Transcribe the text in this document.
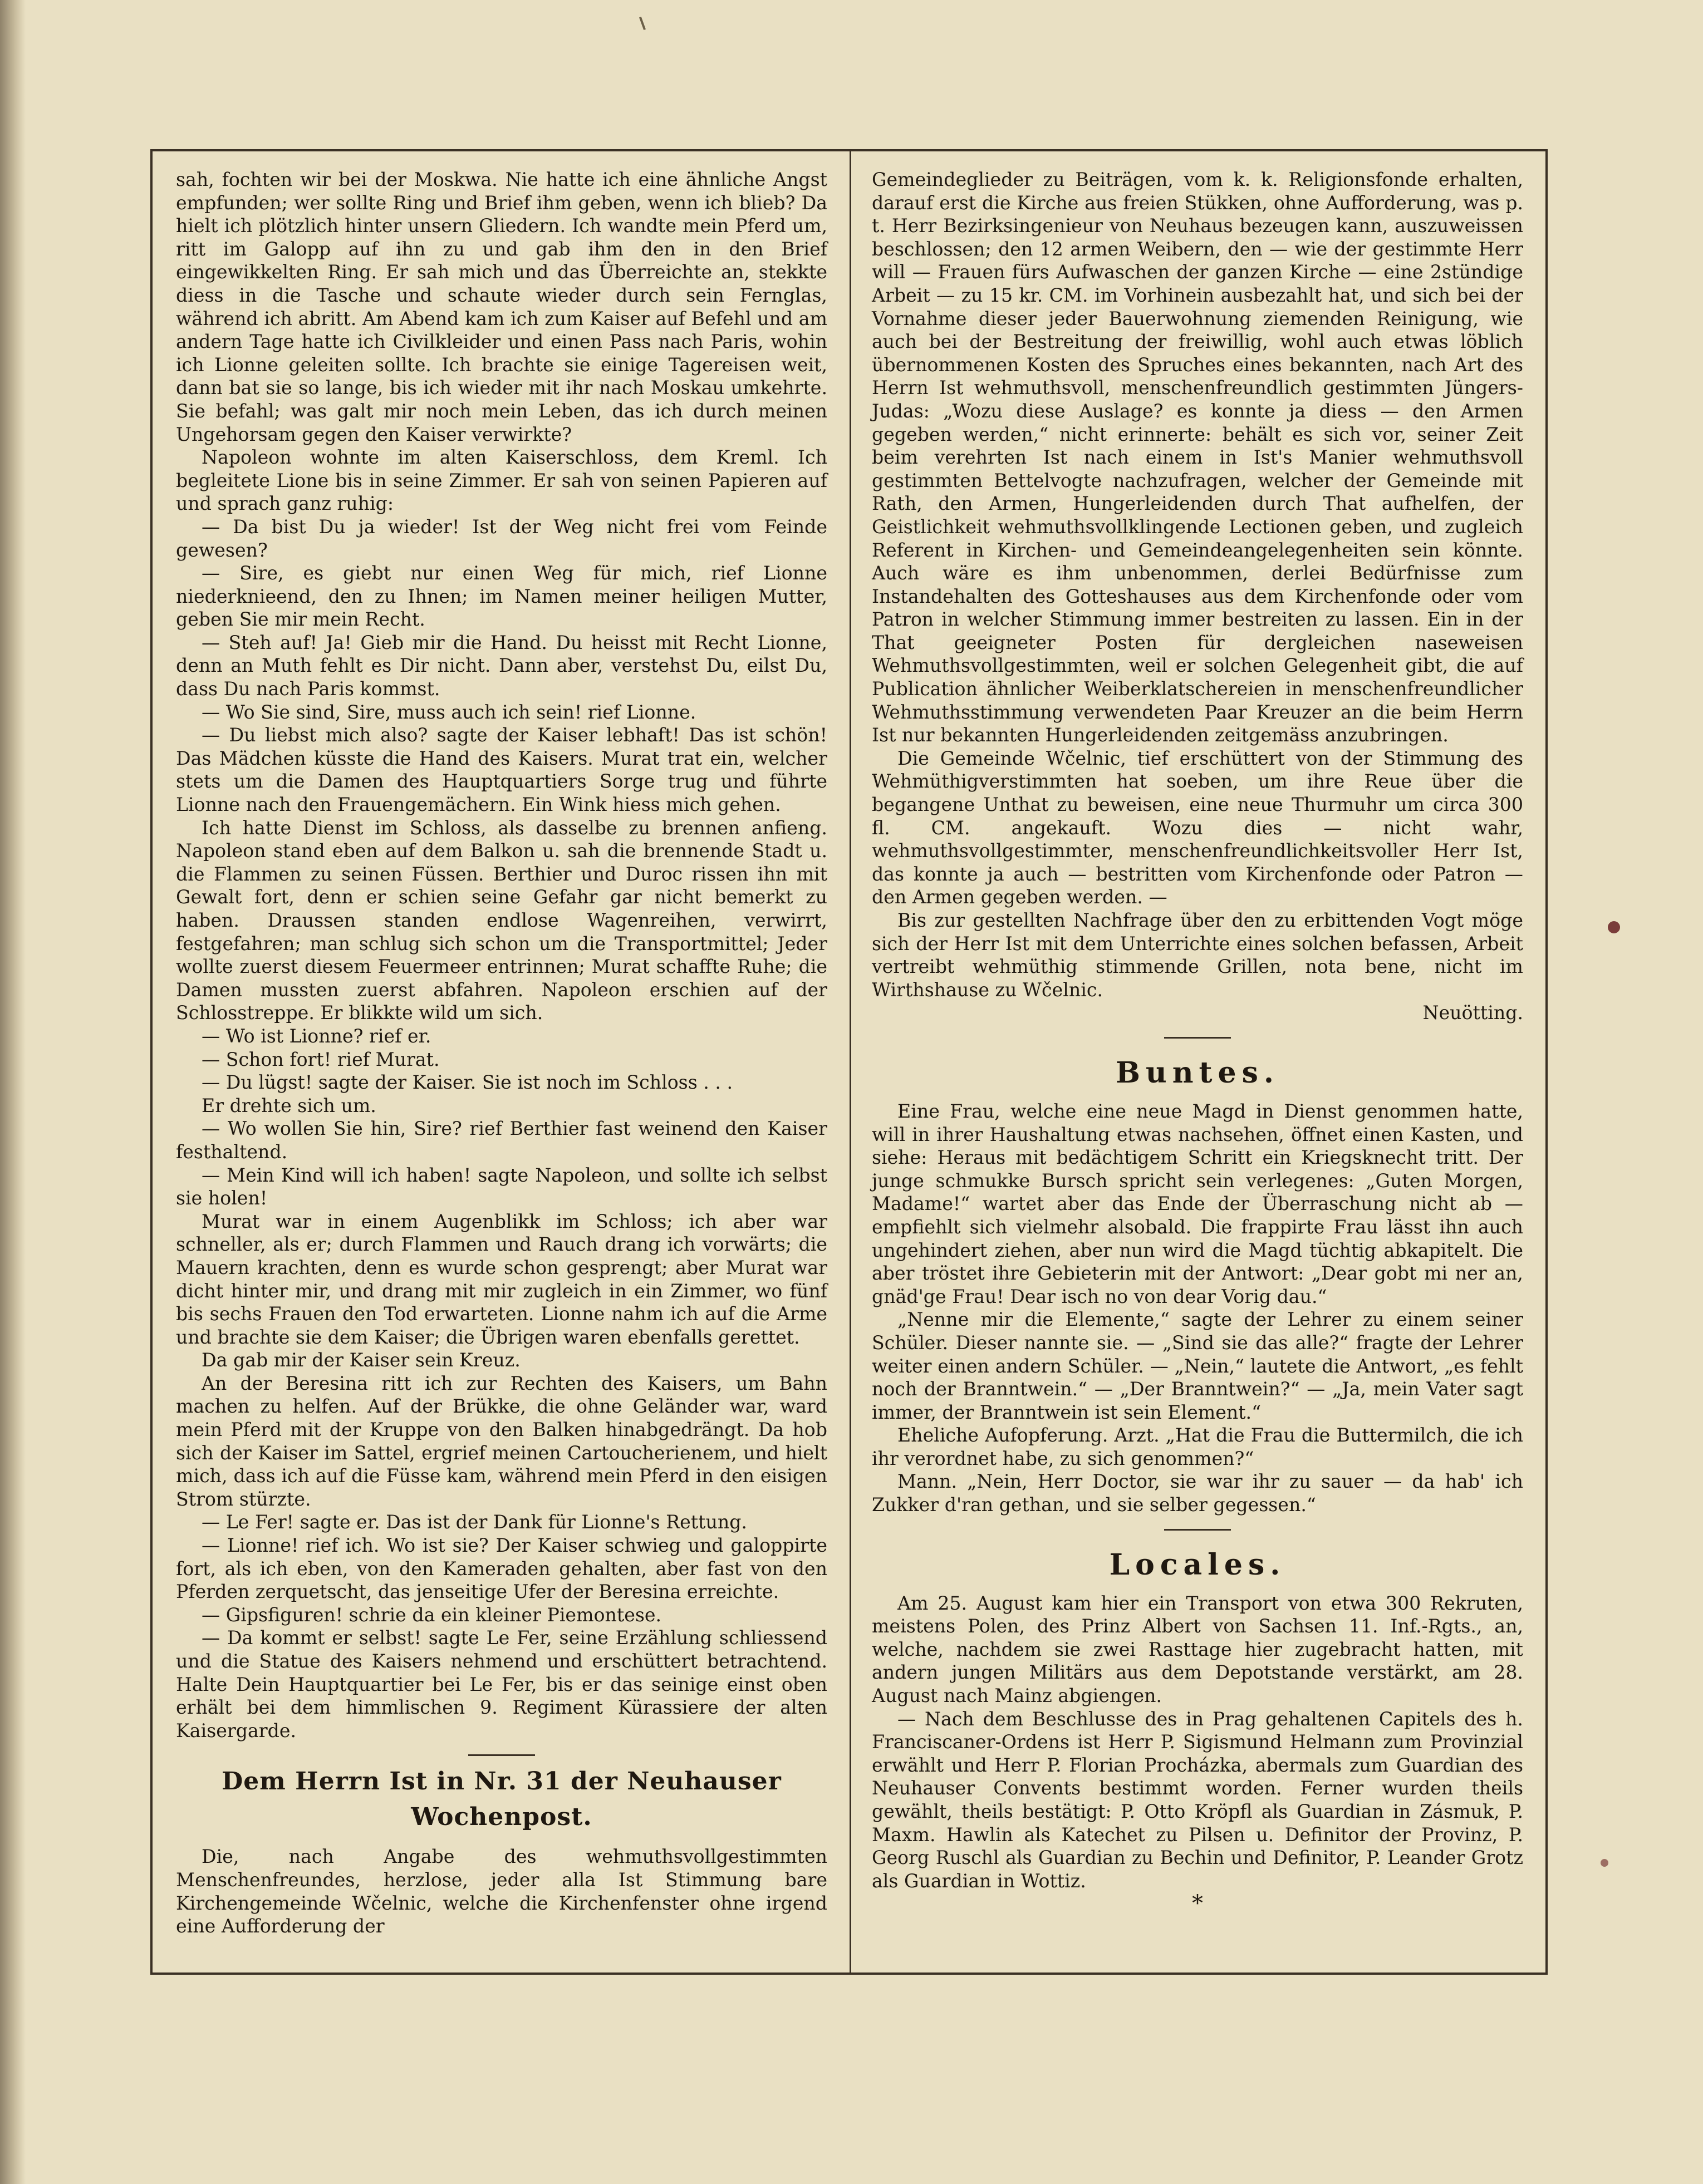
sah, fochten wir bei der Moskwa. Nie hatte ich eine ähnliche Angst empfunden; wer sollte Ring und Brief ihm geben, wenn ich blieb? Da hielt ich plötzlich hinter unsern Gliedern. Ich wandte mein Pferd um, ritt im Galopp auf ihn zu und gab ihm den in den Brief eingewikkelten Ring. Er sah mich und das Überreichte an, stekkte diess in die Tasche und schaute wieder durch sein Fernglas, während ich abritt. Am Abend kam ich zum Kaiser auf Befehl und am andern Tage hatte ich Civilkleider und einen Pass nach Paris, wohin ich Lionne geleiten sollte. Ich brachte sie einige Tagereisen weit, dann bat sie so lange, bis ich wieder mit ihr nach Moskau umkehrte. Sie befahl; was galt mir noch mein Leben, das ich durch meinen Ungehorsam gegen den Kaiser verwirkte?

Napoleon wohnte im alten Kaiserschloss, dem Kreml. Ich begleitete Lione bis in seine Zimmer. Er sah von seinen Papieren auf und sprach ganz ruhig:

— Da bist Du ja wieder! Ist der Weg nicht frei vom Feinde gewesen?

— Sire, es giebt nur einen Weg für mich, rief Lionne niederknieend, den zu Ihnen; im Namen meiner heiligen Mutter, geben Sie mir mein Recht.

— Steh auf! Ja! Gieb mir die Hand. Du heisst mit Recht Lionne, denn an Muth fehlt es Dir nicht. Dann aber, verstehst Du, eilst Du, dass Du nach Paris kommst.

— Wo Sie sind, Sire, muss auch ich sein! rief Lionne.

— Du liebst mich also? sagte der Kaiser lebhaft! Das ist schön! Das Mädchen küsste die Hand des Kaisers. Murat trat ein, welcher stets um die Damen des Hauptquartiers Sorge trug und führte Lionne nach den Frauengemächern. Ein Wink hiess mich gehen.

Ich hatte Dienst im Schloss, als dasselbe zu brennen anfieng. Napoleon stand eben auf dem Balkon u. sah die brennende Stadt u. die Flammen zu seinen Füssen. Berthier und Duroc rissen ihn mit Gewalt fort, denn er schien seine Gefahr gar nicht bemerkt zu haben. Draussen standen endlose Wagenreihen, verwirrt, festgefahren; man schlug sich schon um die Transportmittel; Jeder wollte zuerst diesem Feuermeer entrinnen; Murat schaffte Ruhe; die Damen mussten zuerst abfahren. Napoleon erschien auf der Schlosstreppe. Er blikkte wild um sich.

— Wo ist Lionne? rief er.

— Schon fort! rief Murat.

— Du lügst! sagte der Kaiser. Sie ist noch im Schloss . . .

Er drehte sich um.

— Wo wollen Sie hin, Sire? rief Berthier fast weinend den Kaiser festhaltend.

— Mein Kind will ich haben! sagte Napoleon, und sollte ich selbst sie holen!

Murat war in einem Augenblikk im Schloss; ich aber war schneller, als er; durch Flammen und Rauch drang ich vorwärts; die Mauern krachten, denn es wurde schon gesprengt; aber Murat war dicht hinter mir, und drang mit mir zugleich in ein Zimmer, wo fünf bis sechs Frauen den Tod erwarteten. Lionne nahm ich auf die Arme und brachte sie dem Kaiser; die Übrigen waren ebenfalls gerettet.

Da gab mir der Kaiser sein Kreuz.

An der Beresina ritt ich zur Rechten des Kaisers, um Bahn machen zu helfen. Auf der Brükke, die ohne Geländer war, ward mein Pferd mit der Kruppe von den Balken hinabgedrängt. Da hob sich der Kaiser im Sattel, ergrief meinen Cartoucherienem, und hielt mich, dass ich auf die Füsse kam, während mein Pferd in den eisigen Strom stürzte.

— Le Fer! sagte er. Das ist der Dank für Lionne's Rettung.

— Lionne! rief ich. Wo ist sie? Der Kaiser schwieg und galoppirte fort, als ich eben, von den Kameraden gehalten, aber fast von den Pferden zerquetscht, das jenseitige Ufer der Beresina erreichte.

— Gipsfiguren! schrie da ein kleiner Piemontese.

— Da kommt er selbst! sagte Le Fer, seine Erzählung schliessend und die Statue des Kaisers nehmend und erschüttert betrachtend. Halte Dein Hauptquartier bei Le Fer, bis er das seinige einst oben erhält bei dem himmlischen 9. Regiment Kürassiere der alten Kaisergarde.

Dem Herrn Ist in Nr. 31 der Neuhauser Wochenpost.

Die, nach Angabe des wehmuthsvollgestimmten Menschenfreundes, herzlose, jeder alla Ist Stimmung bare Kirchengemeinde Wčelnic, welche die Kirchenfenster ohne irgend eine Aufforderung der

Gemeindeglieder zu Beiträgen, vom k. k. Religionsfonde erhalten, darauf erst die Kirche aus freien Stükken, ohne Aufforderung, was p. t. Herr Bezirksingenieur von Neuhaus bezeugen kann, auszuweissen beschlossen; den 12 armen Weibern, den — wie der gestimmte Herr will — Frauen fürs Aufwaschen der ganzen Kirche — eine 2stündige Arbeit — zu 15 kr. CM. im Vorhinein ausbezahlt hat, und sich bei der Vornahme dieser jeder Bauerwohnung ziemenden Reinigung, wie auch bei der Bestreitung der freiwillig, wohl auch etwas löblich übernommenen Kosten des Spruches eines bekannten, nach Art des Herrn Ist wehmuthsvoll, menschenfreundlich gestimmten Jüngers-Judas: „Wozu diese Auslage? es konnte ja diess — den Armen gegeben werden,“ nicht erinnerte: behält es sich vor, seiner Zeit beim verehrten Ist nach einem in Ist's Manier wehmuthsvoll gestimmten Bettelvogte nachzufragen, welcher der Gemeinde mit Rath, den Armen, Hungerleidenden durch That aufhelfen, der Geistlichkeit wehmuthsvollklingende Lectionen geben, und zugleich Referent in Kirchen- und Gemeindeangelegenheiten sein könnte. Auch wäre es ihm unbenommen, derlei Bedürfnisse zum Instandehalten des Gotteshauses aus dem Kirchenfonde oder vom Patron in welcher Stimmung immer bestreiten zu lassen. Ein in der That geeigneter Posten für dergleichen naseweisen Wehmuthsvollgestimmten, weil er solchen Gelegenheit gibt, die auf Publication ähnlicher Weiberklatschereien in menschenfreundlicher Wehmuthsstimmung verwendeten Paar Kreuzer an die beim Herrn Ist nur bekannten Hungerleidenden zeitgemäss anzubringen.

Die Gemeinde Wčelnic, tief erschüttert von der Stimmung des Wehmüthigverstimmten hat soeben, um ihre Reue über die begangene Unthat zu beweisen, eine neue Thurmuhr um circa 300 fl. CM. angekauft. Wozu dies — nicht wahr, wehmuthsvollgestimmter, menschenfreundlichkeitsvoller Herr Ist, das konnte ja auch — bestritten vom Kirchenfonde oder Patron — den Armen gegeben werden. —

Bis zur gestellten Nachfrage über den zu erbittenden Vogt möge sich der Herr Ist mit dem Unterrichte eines solchen befassen, Arbeit vertreibt wehmüthig stimmende Grillen, nota bene, nicht im Wirthshause zu Wčelnic.

Neuötting.
Buntes.

Eine Frau, welche eine neue Magd in Dienst genommen hatte, will in ihrer Haushaltung etwas nachsehen, öffnet einen Kasten, und siehe: Heraus mit bedächtigem Schritt ein Kriegsknecht tritt. Der junge schmukke Bursch spricht sein verlegenes: „Guten Morgen, Madame!“ wartet aber das Ende der Überraschung nicht ab — empfiehlt sich vielmehr alsobald. Die frappirte Frau lässt ihn auch ungehindert ziehen, aber nun wird die Magd tüchtig abkapitelt. Die aber tröstet ihre Gebieterin mit der Antwort: „Dear gobt mi ner an, gnäd'ge Frau! Dear isch no von dear Vorig dau.“

„Nenne mir die Elemente,“ sagte der Lehrer zu einem seiner Schüler. Dieser nannte sie. — „Sind sie das alle?“ fragte der Lehrer weiter einen andern Schüler. — „Nein,“ lautete die Antwort, „es fehlt noch der Branntwein.“ — „Der Branntwein?“ — „Ja, mein Vater sagt immer, der Branntwein ist sein Element.“

Eheliche Aufopferung. Arzt. „Hat die Frau die Buttermilch, die ich ihr verordnet habe, zu sich genommen?“

Mann. „Nein, Herr Doctor, sie war ihr zu sauer — da hab' ich Zukker d'ran gethan, und sie selber gegessen.“

Locales.

Am 25. August kam hier ein Transport von etwa 300 Rekruten, meistens Polen, des Prinz Albert von Sachsen 11. Inf.-Rgts., an, welche, nachdem sie zwei Rasttage hier zugebracht hatten, mit andern jungen Militärs aus dem Depotstande verstärkt, am 28. August nach Mainz abgiengen.

— Nach dem Beschlusse des in Prag gehaltenen Capitels des h. Franciscaner-Ordens ist Herr P. Sigismund Helmann zum Provinzial erwählt und Herr P. Florian Procházka, abermals zum Guardian des Neuhauser Convents bestimmt worden. Ferner wurden theils gewählt, theils bestätigt: P. Otto Kröpfl als Guardian in Zásmuk, P. Maxm. Hawlin als Katechet zu Pilsen u. Definitor der Provinz, P. Georg Ruschl als Guardian zu Bechin und Definitor, P. Leander Grotz als Guardian in Wottiz.

*
